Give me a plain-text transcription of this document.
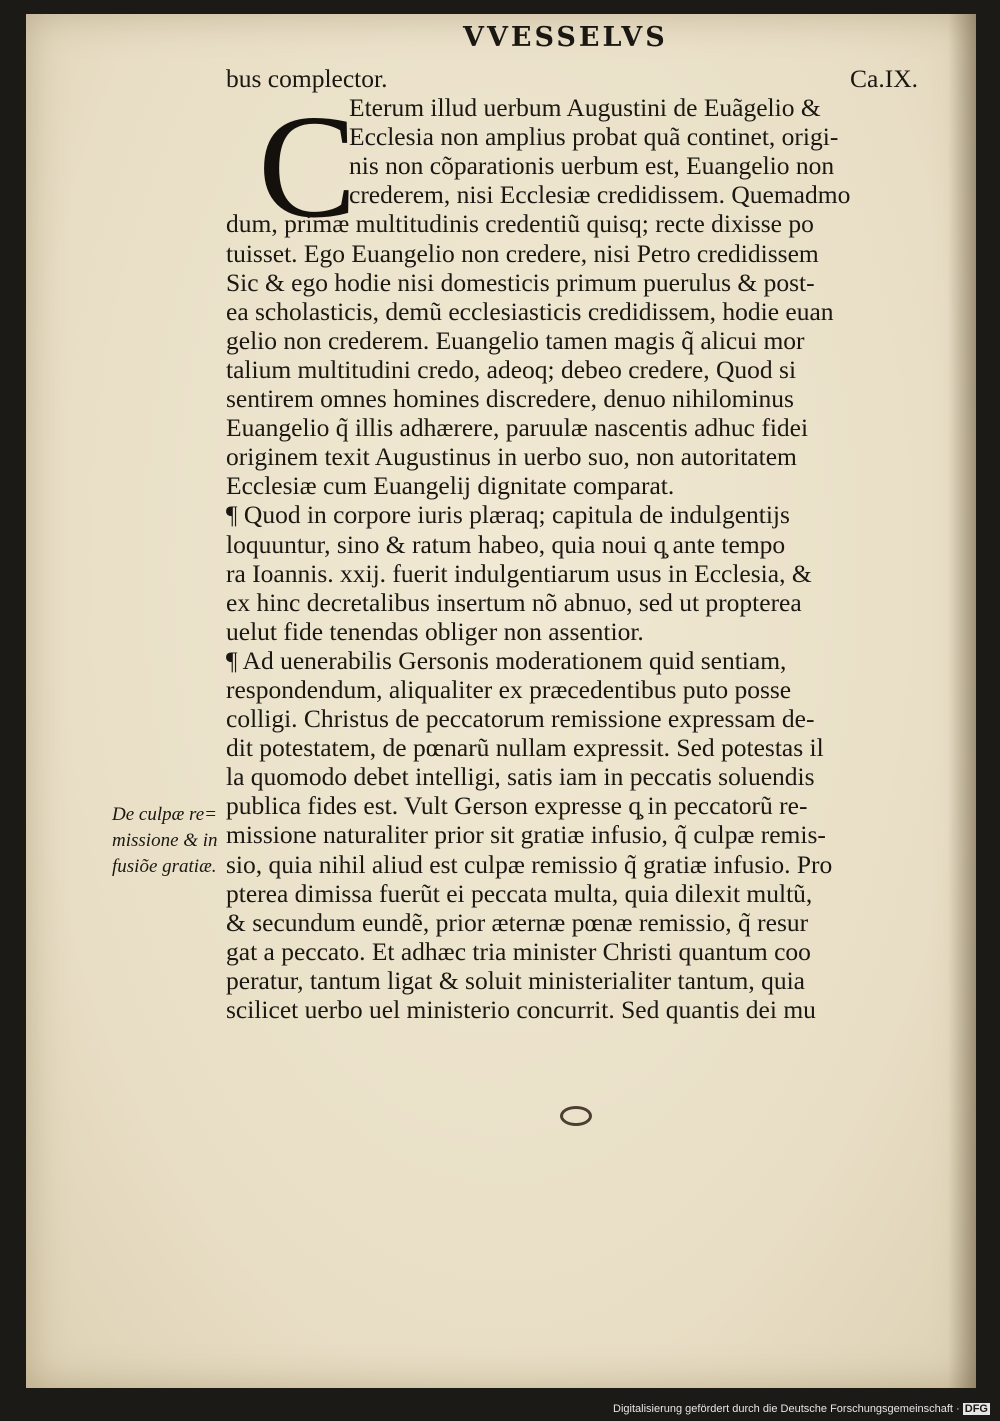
VVESSELVS
C
bus complector.	Ca.IX.
Eterum illud uerbum Augustini de Euãgelio &
Ecclesia non amplius probat quã continet, origi-
nis non cõparationis uerbum est, Euangelio non
crederem, nisi Ecclesiæ credidissem. Quemadmo
dum, primæ multitudinis credentiũ quisq; recte dixisse po
tuisset. Ego Euangelio non credere, nisi Petro credidissem
Sic & ego hodie nisi domesticis primum puerulus & post-
ea scholasticis, demũ ecclesiasticis credidissem, hodie euan
gelio non crederem. Euangelio tamen magis q̃ alicui mor
talium multitudini credo, adeoq; debeo credere, Quod si
sentirem omnes homines discredere, denuo nihilominus
Euangelio q̃ illis adhærere, paruulæ nascentis adhuc fidei
originem texit Augustinus in uerbo suo, non autoritatem
Ecclesiæ cum Euangelij dignitate comparat.
¶ Quod in corpore iuris plæraq; capitula de indulgentijs
loquuntur, sino & ratum habeo, quia noui q̧ ante tempo
ra Ioannis. xxij. fuerit indulgentiarum usus in Ecclesia, &
ex hinc decretalibus insertum nõ abnuo, sed ut propterea
uelut fide tenendas obliger non assentior.
¶ Ad uenerabilis Gersonis moderationem quid sentiam,
respondendum, aliqualiter ex præcedentibus puto posse
colligi. Christus de peccatorum remissione expressam de-
dit potestatem, de pœnarũ nullam expressit. Sed potestas il
la quomodo debet intelligi, satis iam in peccatis soluendis
publica fides est. Vult Gerson expresse q̧ in peccatorũ re-
missione naturaliter prior sit gratiæ infusio, q̃ culpæ remis-
sio, quia nihil aliud est culpæ remissio q̃ gratiæ infusio. Pro
pterea dimissa fuerũt ei peccata multa, quia dilexit multũ,
& secundum eundẽ, prior æternæ pœnæ remissio, q̃ resur
gat a peccato. Et adhæc tria minister Christi quantum coo
peratur, tantum ligat & soluit ministerialiter tantum, quia
scilicet uerbo uel ministerio concurrit. Sed quantis dei mu
De culpæ re=
missione & in
fusiõe gratiæ.
Digitalisierung gefördert durch die Deutsche Forschungsgemeinschaft · DFG
